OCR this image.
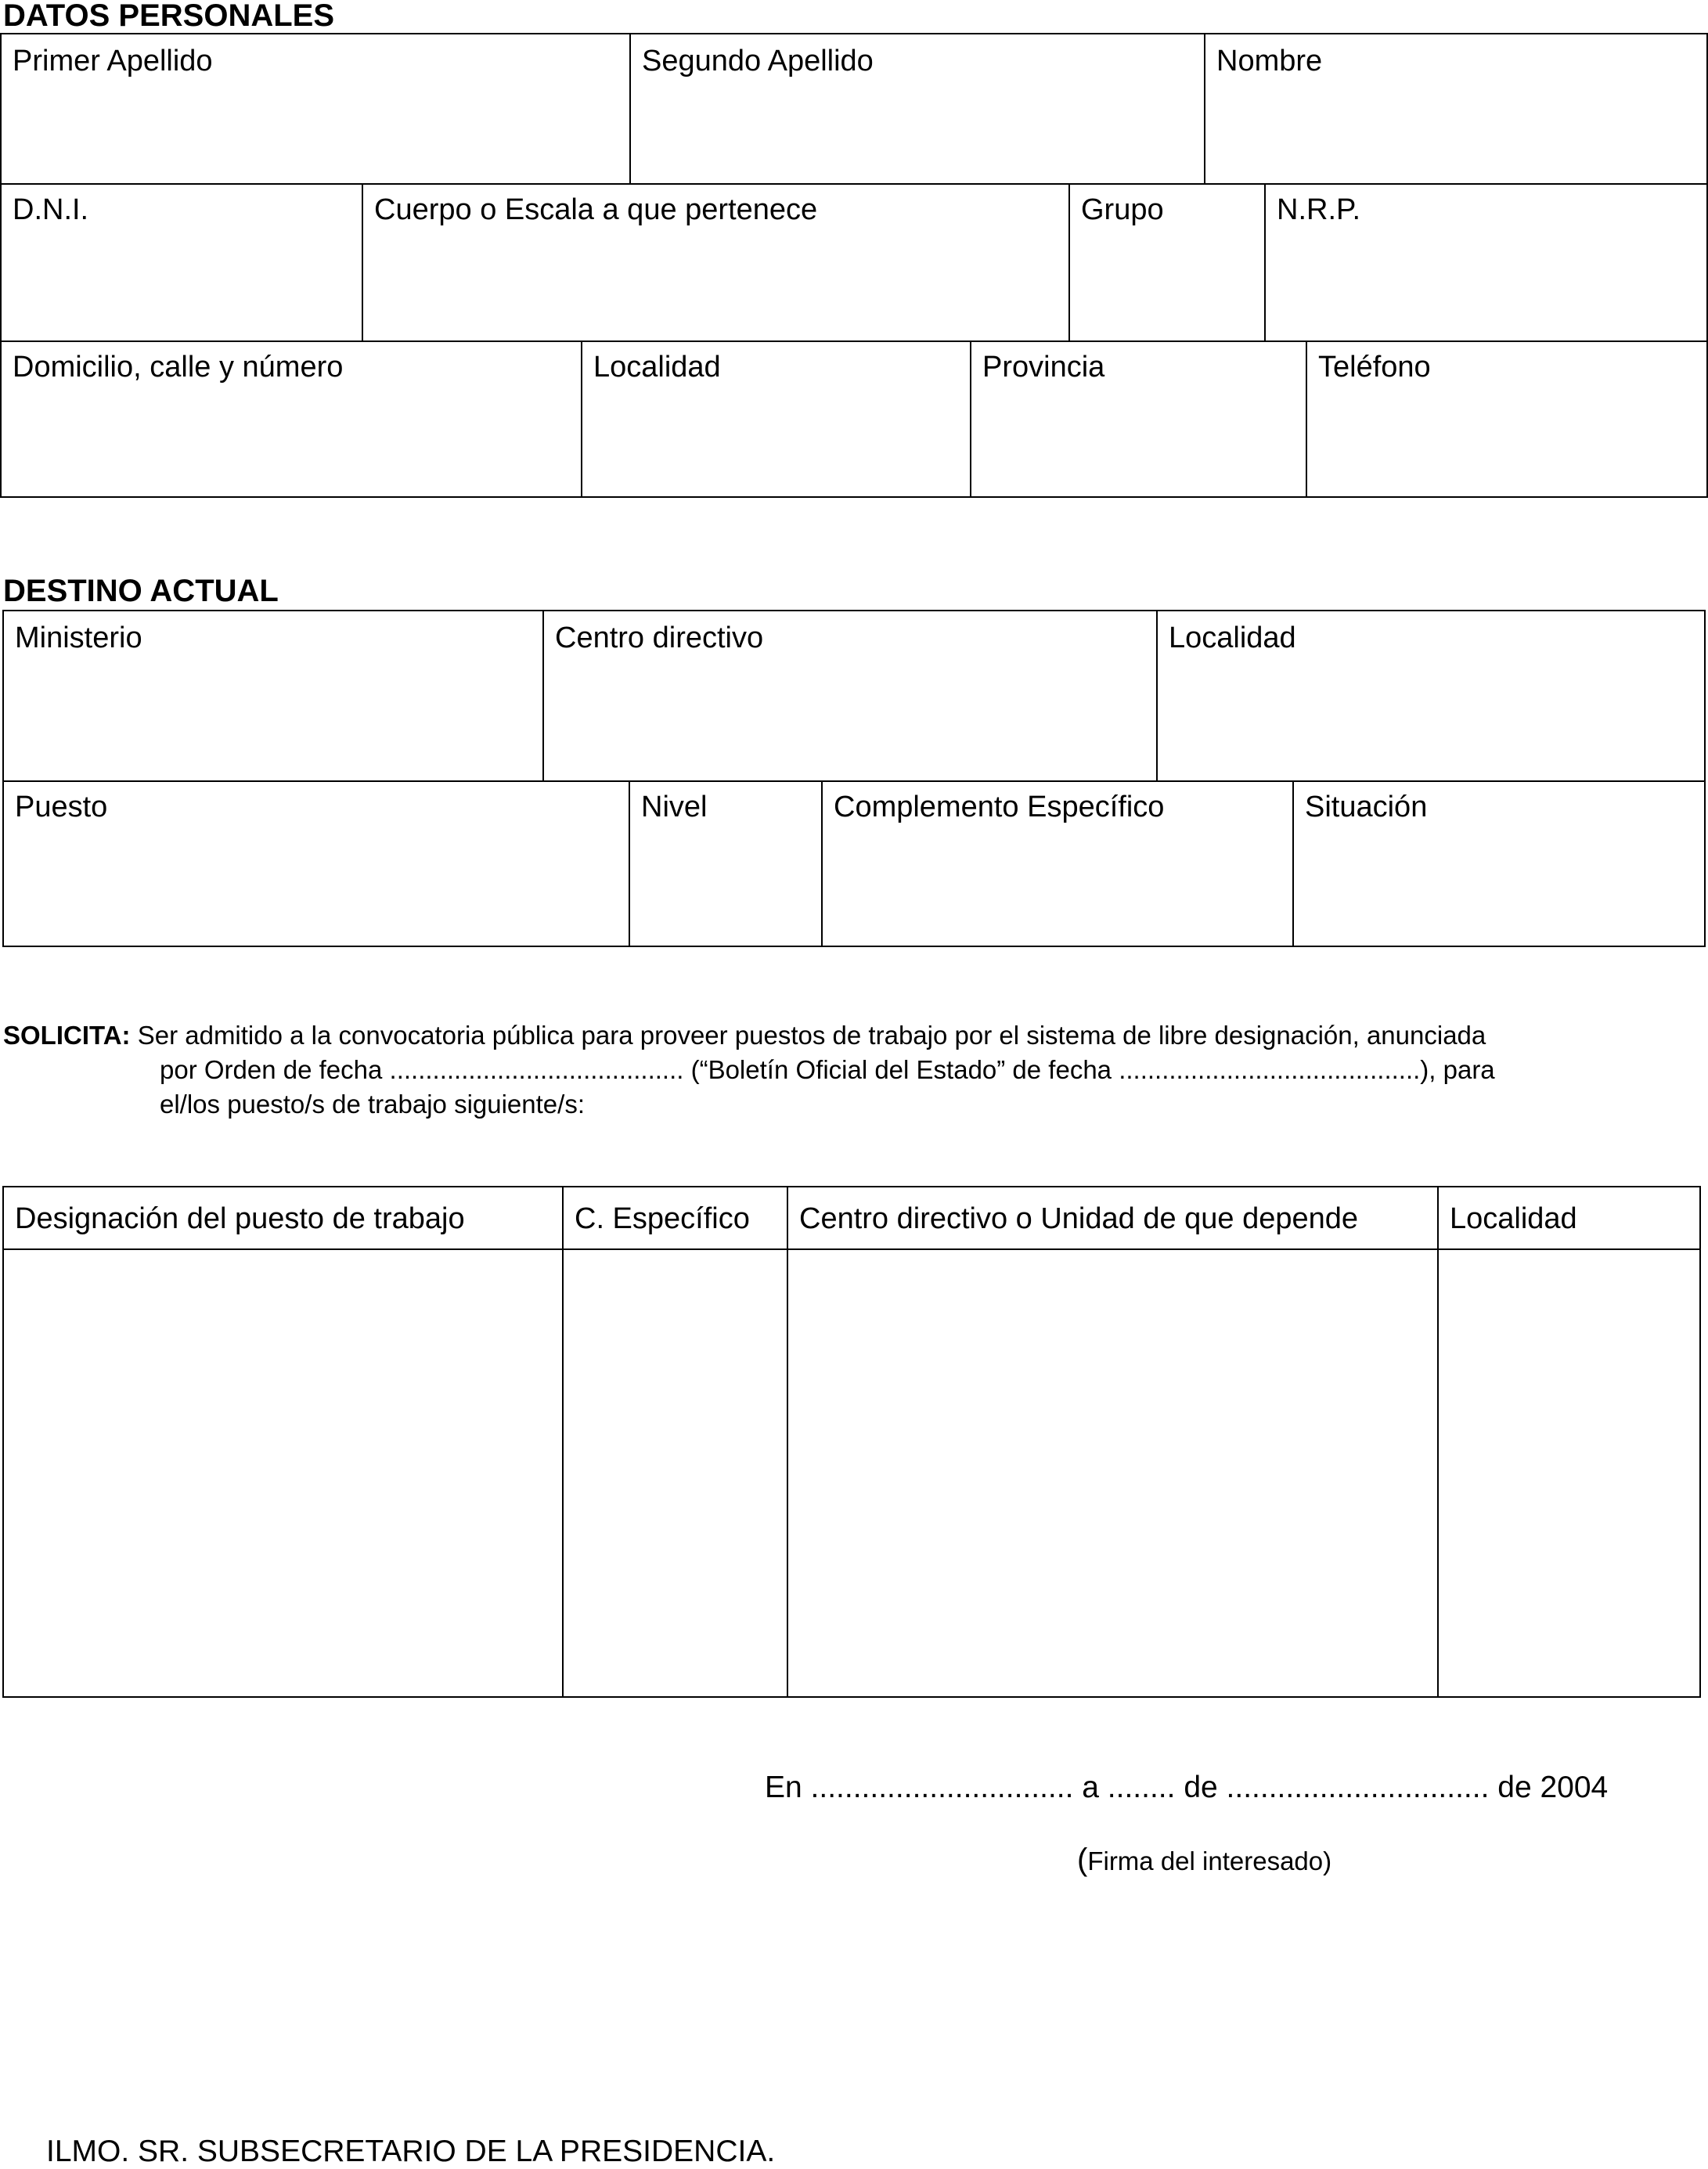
DATOS PERSONALES
Primer Apellido	Segundo Apellido	Nombre
D.N.I.	Cuerpo o Escala a que pertenece	Grupo	N.R.P.
Domicilio, calle y número	Localidad	Provincia	Teléfono
DESTINO ACTUAL
Ministerio	Centro directivo	Localidad
Puesto	Nivel	Complemento Específico	Situación
SOLICITA: Ser admitido a la convocatoria pública para proveer puestos de trabajo por el sistema de libre designación, anunciada
por Orden de fecha ......................................... (“Boletín Oficial del Estado” de fecha ..........................................), para
el/los puesto/s de trabajo siguiente/s:
Designación del puesto de trabajo	C. Específico	Centro directivo o Unidad de que depende	Localidad
En ............................... a ........ de ............................... de 2004
(Firma del interesado)
ILMO. SR. SUBSECRETARIO DE LA PRESIDENCIA.
